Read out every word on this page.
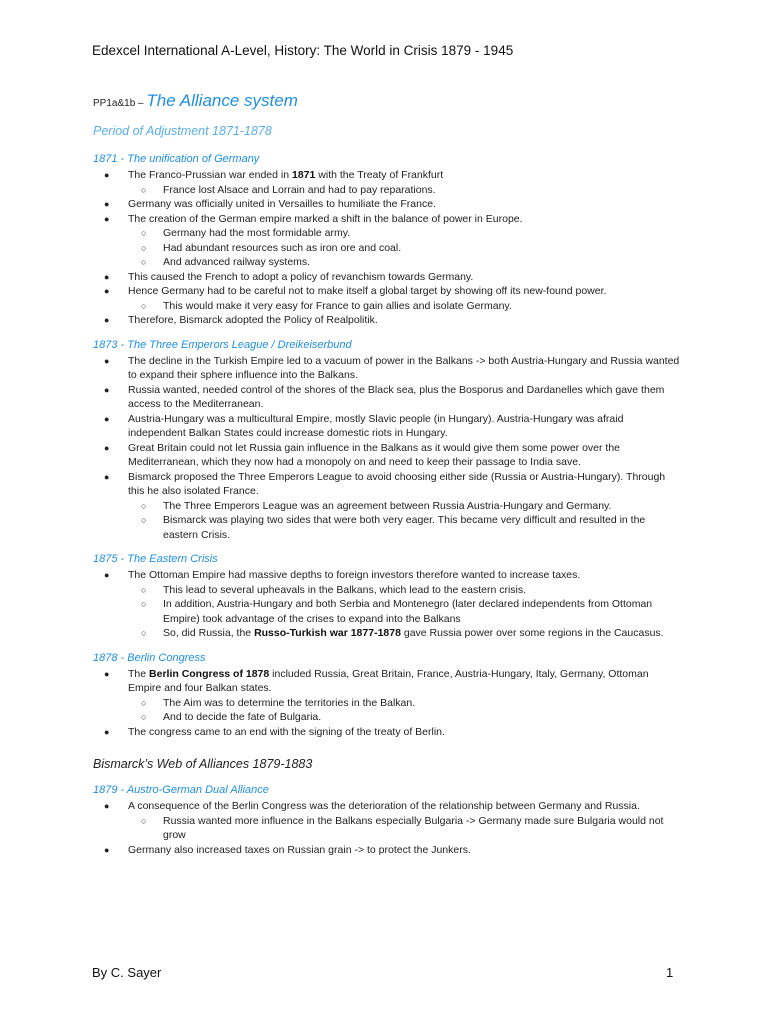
Edexcel International A-Level, History: The World in Crisis 1879 - 1945

PP1a&1b – The Alliance system

Period of Adjustment 1871-1878
1871 - The unification of Germany
● The Franco-Prussian war ended in 1871 with the Treaty of Frankfurt
○ France lost Alsace and Lorrain and had to pay reparations.
● Germany was officially united in Versailles to humiliate the France.
● The creation of the German empire marked a shift in the balance of power in Europe.
○ Germany had the most formidable army.
○ Had abundant resources such as iron ore and coal.
○ And advanced railway systems.
● This caused the French to adopt a policy of revanchism towards Germany.
● Hence Germany had to be careful not to make itself a global target by showing off its new-found power.
○ This would make it very easy for France to gain allies and isolate Germany.
● Therefore, Bismarck adopted the Policy of Realpolitik.
1873 - The Three Emperors League / Dreikeiserbund
● The decline in the Turkish Empire led to a vacuum of power in the Balkans -> both Austria-Hungary and Russia wanted to expand their sphere influence into the Balkans.
● Russia wanted, needed control of the shores of the Black sea, plus the Bosporus and Dardanelles which gave them access to the Mediterranean.
● Austria-Hungary was a multicultural Empire, mostly Slavic people (in Hungary). Austria-Hungary was afraid independent Balkan States could increase domestic riots in Hungary.
● Great Britain could not let Russia gain influence in the Balkans as it would give them some power over the Mediterranean, which they now had a monopoly on and need to keep their passage to India save.
● Bismarck proposed the Three Emperors League to avoid choosing either side (Russia or Austria-Hungary). Through this he also isolated France.
○ The Three Emperors League was an agreement between Russia Austria-Hungary and Germany.
○ Bismarck was playing two sides that were both very eager. This became very difficult and resulted in the eastern Crisis.
1875 - The Eastern Crisis
● The Ottoman Empire had massive depths to foreign investors therefore wanted to increase taxes.
○ This lead to several upheavals in the Balkans, which lead to the eastern crisis.
○ In addition, Austria-Hungary and both Serbia and Montenegro (later declared independents from Ottoman Empire) took advantage of the crises to expand into the Balkans
○ So, did Russia, the Russo-Turkish war 1877-1878 gave Russia power over some regions in the Caucasus.
1878 - Berlin Congress
● The Berlin Congress of 1878 included Russia, Great Britain, France, Austria-Hungary, Italy, Germany, Ottoman Empire and four Balkan states.
○ The Aim was to determine the territories in the Balkan.
○ And to decide the fate of Bulgaria.
● The congress came to an end with the signing of the treaty of Berlin.
Bismarck’s Web of Alliances 1879-1883
1879 - Austro-German Dual Alliance
● A consequence of the Berlin Congress was the deterioration of the relationship between Germany and Russia.
○ Russia wanted more influence in the Balkans especially Bulgaria -> Germany made sure Bulgaria would not grow
● Germany also increased taxes on Russian grain -> to protect the Junkers.
By C. Sayer	1
